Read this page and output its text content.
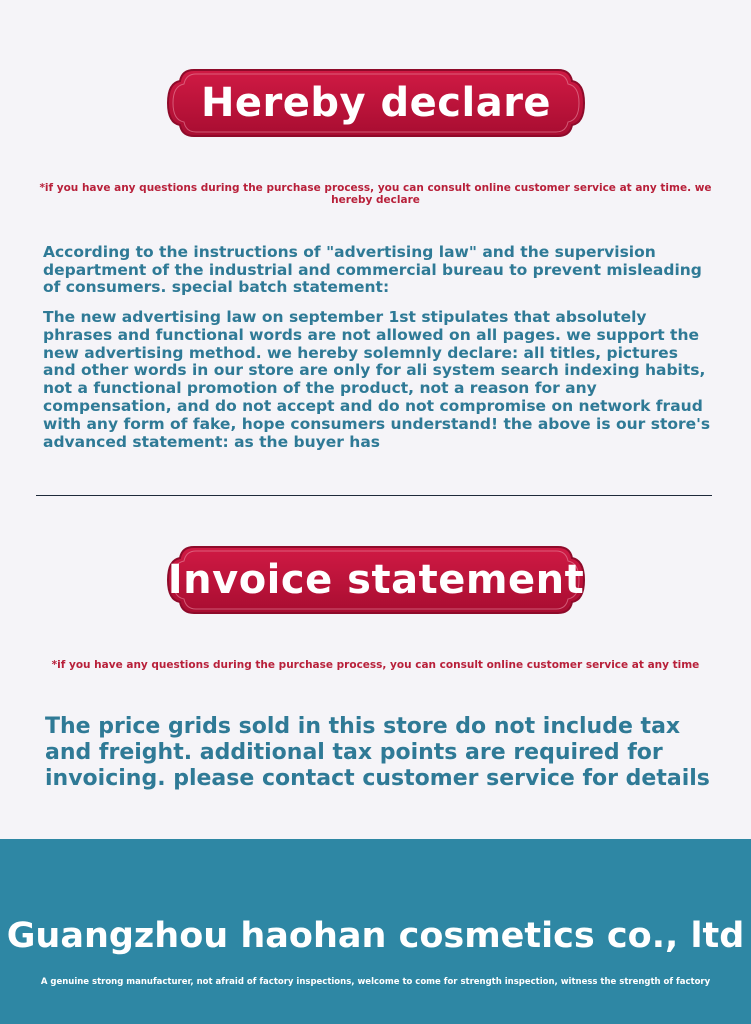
Hereby declare
*if you have any questions during the purchase process, you can consult online customer service at any time. we hereby declare
According to the instructions of "advertising law" and the supervision department of the industrial and commercial bureau to prevent misleading of consumers. special batch statement:
The new advertising law on september 1st stipulates that absolutely phrases and functional words are not allowed on all pages. we support the new advertising method. we hereby solemnly declare: all titles, pictures and other words in our store are only for ali system search indexing habits, not a functional promotion of the product, not a reason for any compensation, and do not accept and do not compromise on network fraud with any form of fake, hope consumers understand! the above is our store's advanced statement: as the buyer has
Invoice statement
*if you have any questions during the purchase process, you can consult online customer service at any time
The price grids sold in this store do not include tax and freight. additional tax points are required for invoicing. please contact customer service for details
Guangzhou haohan cosmetics co., ltd
A genuine strong manufacturer, not afraid of factory inspections, welcome to come for strength inspection, witness the strength of factory
